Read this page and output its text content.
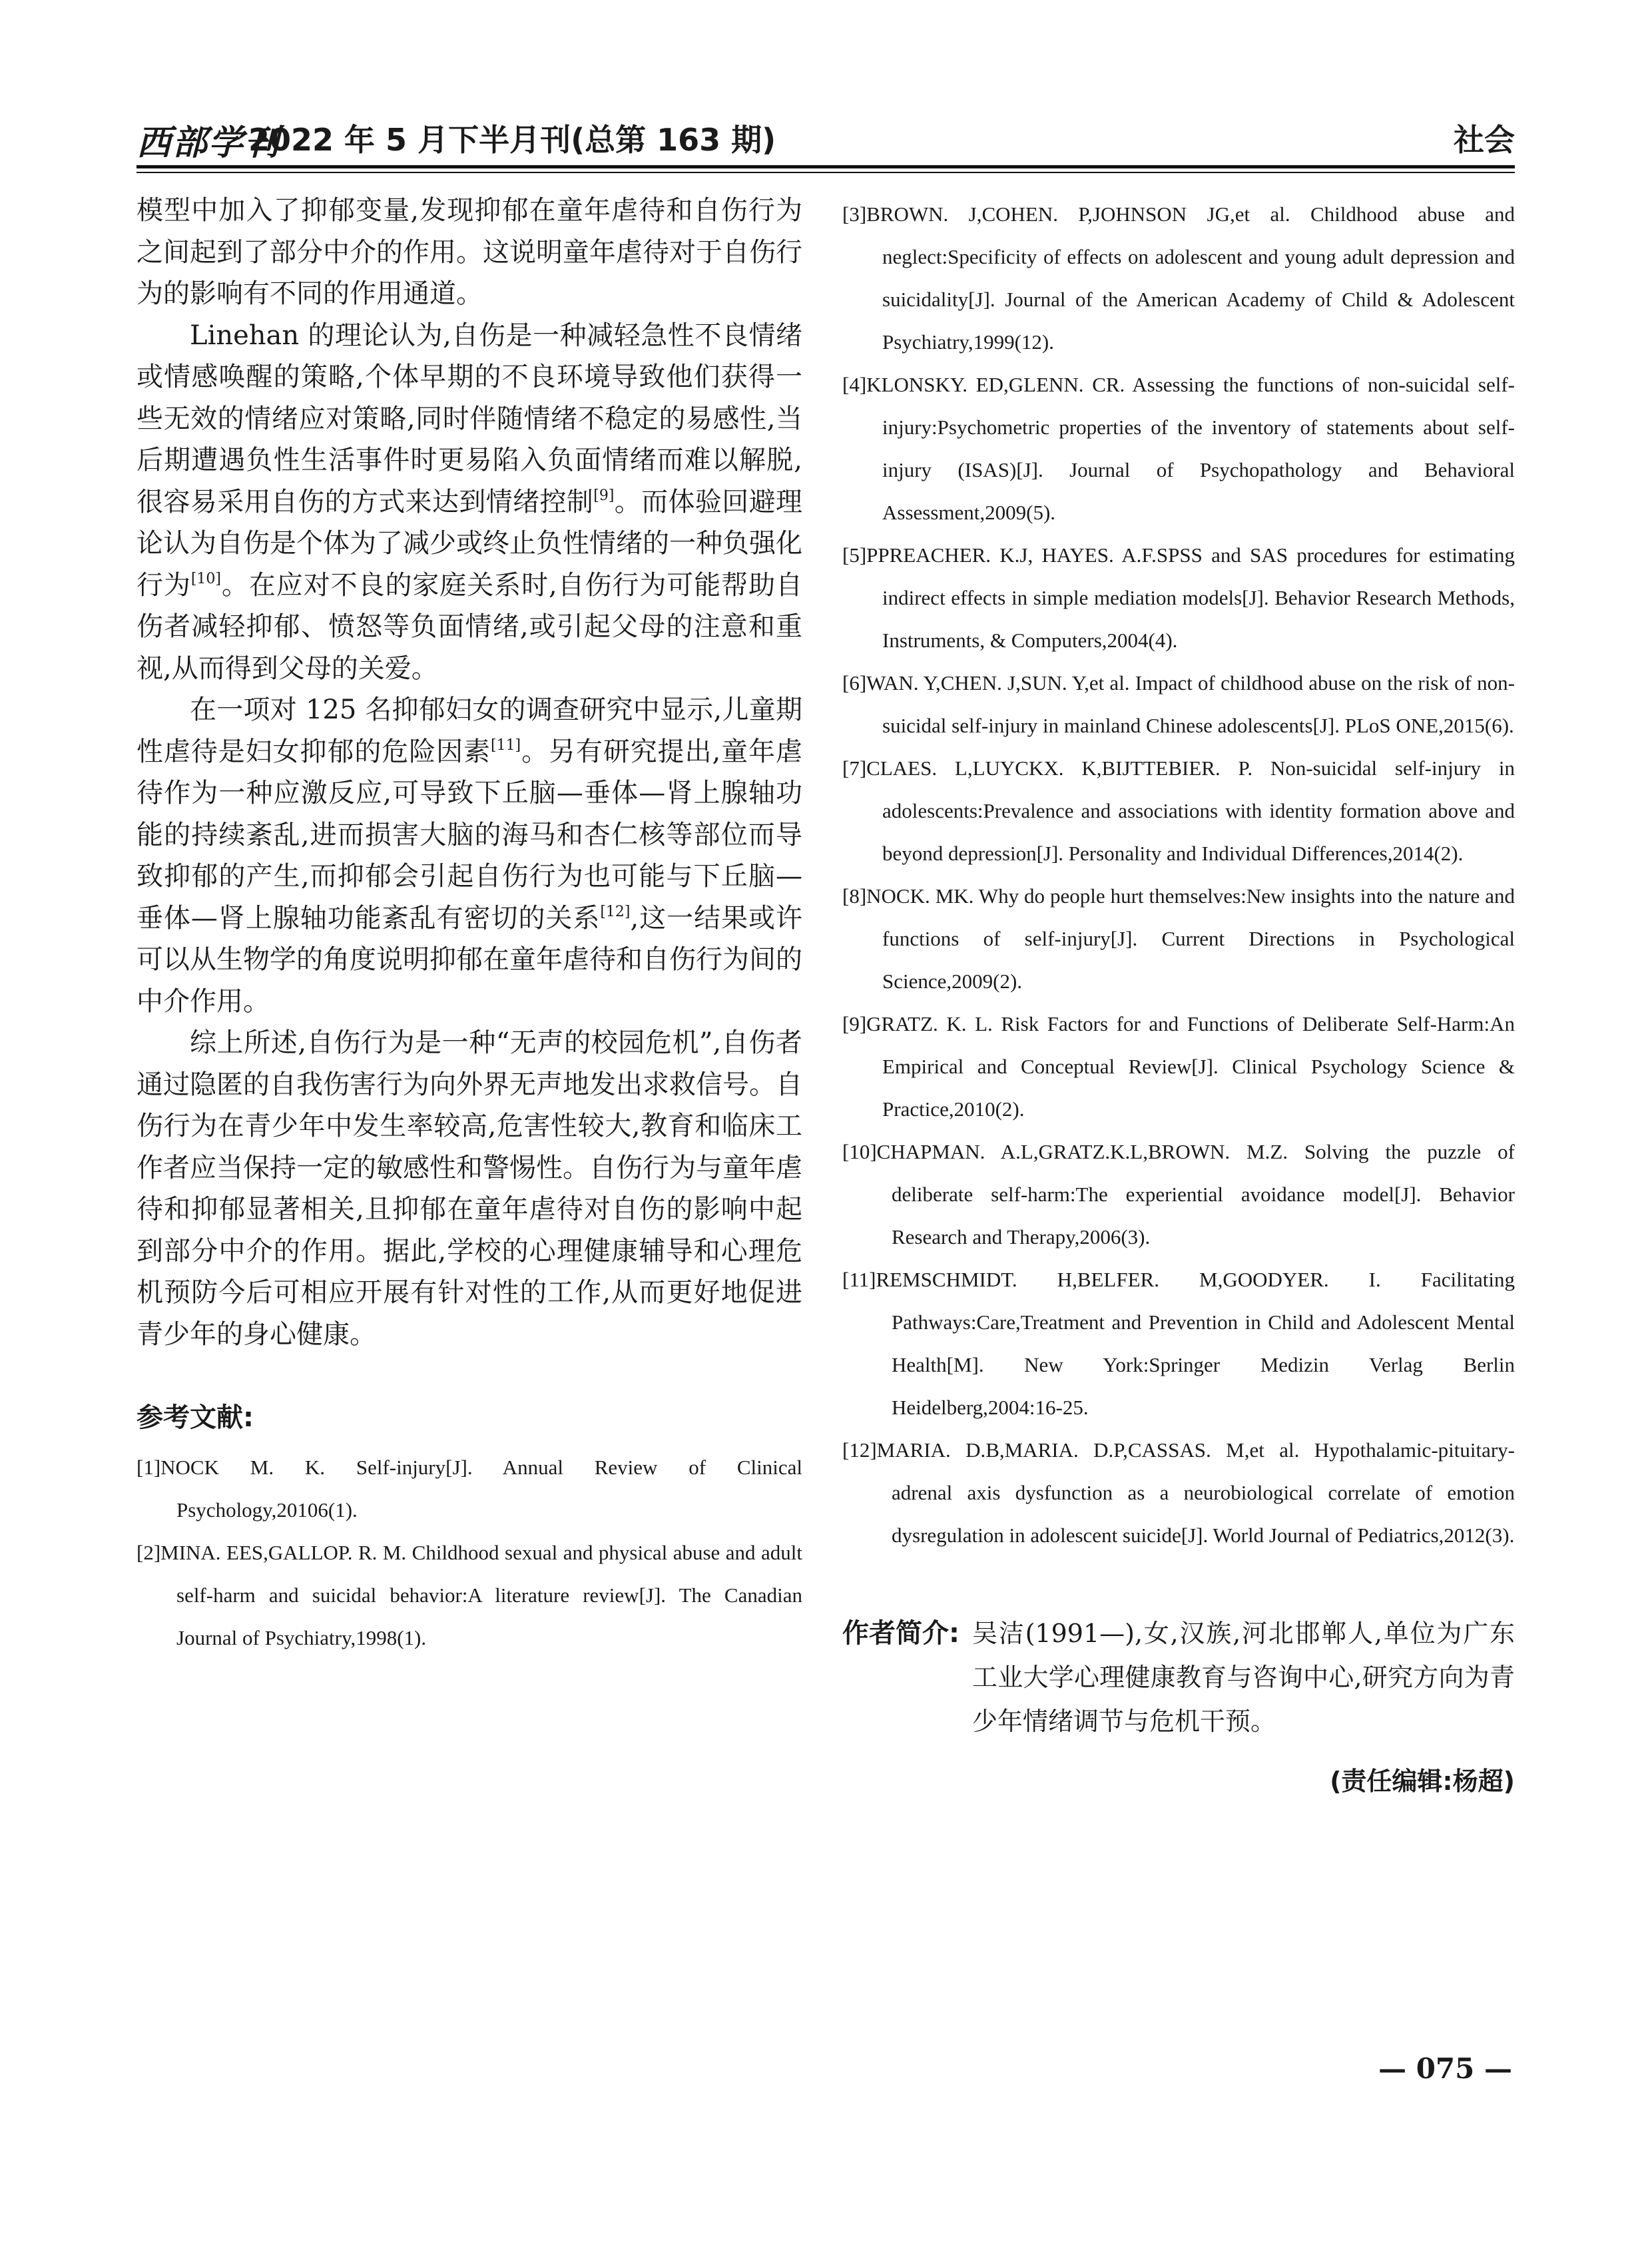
西部学刊
2022 年 5 月下半月刊(总第 163 期)	社会

模型中加入了抑郁变量,发现抑郁在童年虐待和自伤行为之间起到了部分中介的作用。这说明童年虐待对于自伤行为的影响有不同的作用通道。

Linehan 的理论认为,自伤是一种减轻急性不良情绪或情感唤醒的策略,个体早期的不良环境导致他们获得一些无效的情绪应对策略,同时伴随情绪不稳定的易感性,当后期遭遇负性生活事件时更易陷入负面情绪而难以解脱,很容易采用自伤的方式来达到情绪控制[9]。而体验回避理论认为自伤是个体为了减少或终止负性情绪的一种负强化行为[10]。在应对不良的家庭关系时,自伤行为可能帮助自伤者减轻抑郁、愤怒等负面情绪,或引起父母的注意和重视,从而得到父母的关爱。

在一项对 125 名抑郁妇女的调查研究中显示,儿童期性虐待是妇女抑郁的危险因素[11]。另有研究提出,童年虐待作为一种应激反应,可导致下丘脑—垂体—肾上腺轴功能的持续紊乱,进而损害大脑的海马和杏仁核等部位而导致抑郁的产生,而抑郁会引起自伤行为也可能与下丘脑—垂体—肾上腺轴功能紊乱有密切的关系[12],这一结果或许可以从生物学的角度说明抑郁在童年虐待和自伤行为间的中介作用。

综上所述,自伤行为是一种“无声的校园危机”,自伤者通过隐匿的自我伤害行为向外界无声地发出求救信号。自伤行为在青少年中发生率较高,危害性较大,教育和临床工作者应当保持一定的敏感性和警惕性。自伤行为与童年虐待和抑郁显著相关,且抑郁在童年虐待对自伤的影响中起到部分中介的作用。据此,学校的心理健康辅导和心理危机预防今后可相应开展有针对性的工作,从而更好地促进青少年的身心健康。

参考文献:

[1]NOCK M. K. Self-injury[J]. Annual Review of Clinical Psychology,20106(1).

[2]MINA. EES,GALLOP. R. M. Childhood sexual and physical abuse and adult self-harm and suicidal behavior:A literature review[J]. The Canadian Journal of Psychiatry,1998(1).

[3]BROWN. J,COHEN. P,JOHNSON JG,et al. Childhood abuse and neglect:Specificity of effects on adolescent and young adult depression and suicidality[J]. Journal of the American Academy of Child & Adolescent Psychiatry,1999(12).

[4]KLONSKY. ED,GLENN. CR. Assessing the functions of non-suicidal self-injury:Psychometric properties of the inventory of statements about self-injury (ISAS)[J]. Journal of Psychopathology and Behavioral Assessment,2009(5).

[5]PPREACHER. K.J, HAYES. A.F.SPSS and SAS procedures for estimating indirect effects in simple mediation models[J]. Behavior Research Methods, Instruments, & Computers,2004(4).

[6]WAN. Y,CHEN. J,SUN. Y,et al. Impact of childhood abuse on the risk of non-suicidal self-injury in mainland Chinese adolescents[J]. PLoS ONE,2015(6).

[7]CLAES. L,LUYCKX. K,BIJTTEBIER. P. Non-suicidal self-injury in adolescents:Prevalence and associations with identity formation above and beyond depression[J]. Personality and Individual Differences,2014(2).

[8]NOCK. MK. Why do people hurt themselves:New insights into the nature and functions of self-injury[J]. Current Directions in Psychological Science,2009(2).

[9]GRATZ. K. L. Risk Factors for and Functions of Deliberate Self-Harm:An Empirical and Conceptual Review[J]. Clinical Psychology Science & Practice,2010(2).

[10]CHAPMAN. A.L,GRATZ.K.L,BROWN. M.Z. Solving the puzzle of deliberate self-harm:The experiential avoidance model[J]. Behavior Research and Therapy,2006(3).

[11]REMSCHMIDT. H,BELFER. M,GOODYER. I. Facilitating Pathways:Care,Treatment and Prevention in Child and Adolescent Mental Health[M]. New York:Springer Medizin Verlag Berlin Heidelberg,2004:16-25.

[12]MARIA. D.B,MARIA. D.P,CASSAS. M,et al. Hypothalamic-pituitary-adrenal axis dysfunction as a neurobiological correlate of emotion dysregulation in adolescent suicide[J]. World Journal of Pediatrics,2012(3).

作者简介: 吴洁(1991—),女,汉族,河北邯郸人,单位为广东工业大学心理健康教育与咨询中心,研究方向为青少年情绪调节与危机干预。
(责任编辑:杨超)
— 075 —
